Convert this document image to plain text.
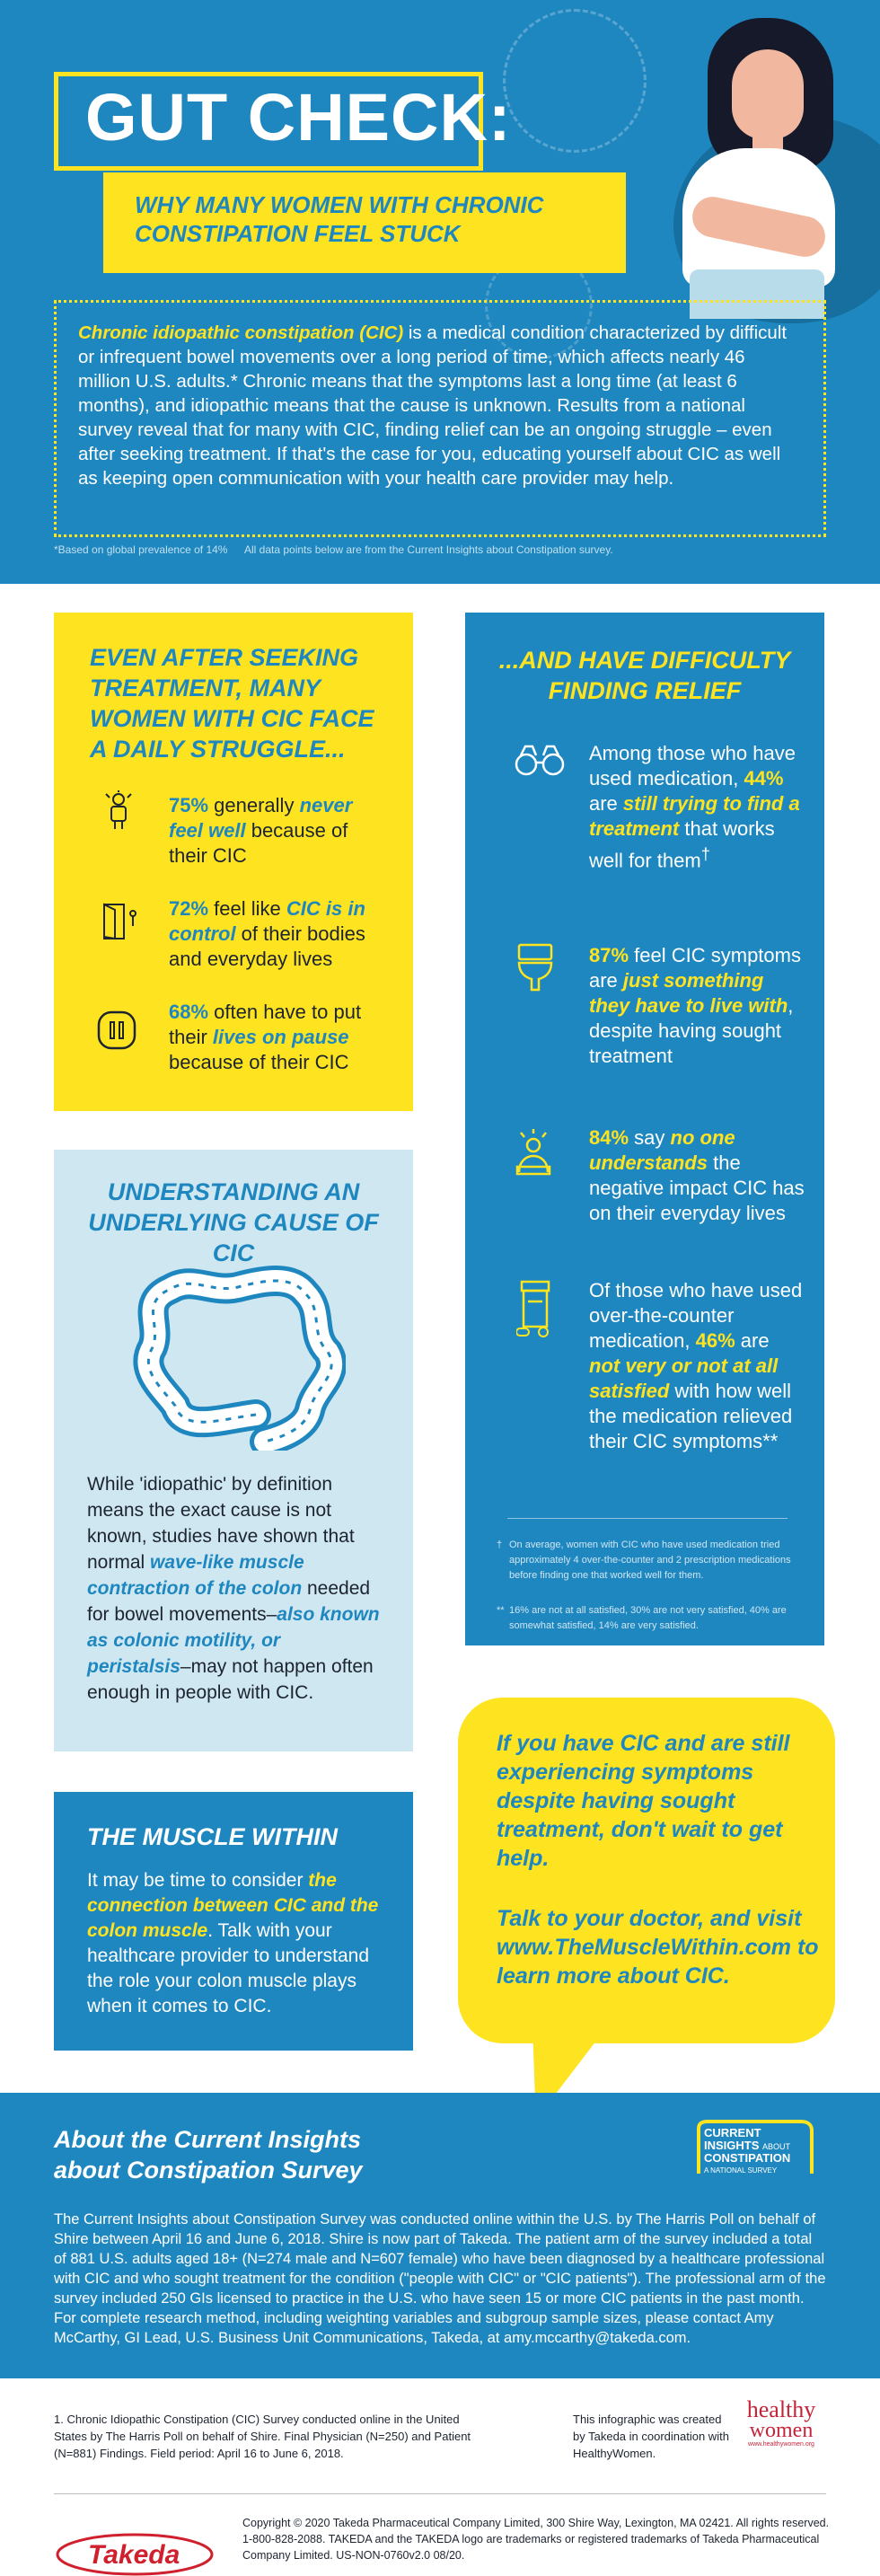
GUT CHECK:
WHY MANY WOMEN WITH CHRONIC CONSTIPATION FEEL STUCK

Chronic idiopathic constipation (CIC) is a medical condition characterized by difficult or infrequent bowel movements over a long period of time, which affects nearly 46 million U.S. adults.* Chronic means that the symptoms last a long time (at least 6 months), and idiopathic means that the cause is unknown. Results from a national survey reveal that for many with CIC, finding relief can be an ongoing struggle – even after seeking treatment. If that's the case for you, educating yourself about CIC as well as keeping open communication with your health care provider may help.

*Based on global prevalence of 14% All data points below are from the Current Insights about Constipation survey.
EVEN AFTER SEEKING TREATMENT, MANY WOMEN WITH CIC FACE A DAILY STRUGGLE...
75% generally never feel well because of their CIC
72% feel like CIC is in control of their bodies and everyday lives
68% often have to put their lives on pause because of their CIC
...AND HAVE DIFFICULTY FINDING RELIEF
Among those who have used medication, 44% are still trying to find a treatment that works well for them†
87% feel CIC symptoms are just something they have to live with, despite having sought treatment
84% say no one understands the negative impact CIC has on their everyday lives
Of those who have used over-the-counter medication, 46% are not very or not at all satisfied with how well the medication relieved their CIC symptoms**
† On average, women with CIC who have used medication tried approximately 4 over-the-counter and 2 prescription medications before finding one that worked well for them.
** 16% are not at all satisfied, 30% are not very satisfied, 40% are somewhat satisfied, 14% are very satisfied.
UNDERSTANDING AN UNDERLYING CAUSE OF CIC
While 'idiopathic' by definition means the exact cause is not known, studies have shown that normal wave-like muscle contraction of the colon needed for bowel movements–also known as colonic motility, or peristalsis–may not happen often enough in people with CIC.
If you have CIC and are still experiencing symptoms despite having sought treatment, don't wait to get help.
Talk to your doctor, and visit www.TheMuscleWithin.com to learn more about CIC.
THE MUSCLE WITHIN
It may be time to consider the connection between CIC and the colon muscle. Talk with your healthcare provider to understand the role your colon muscle plays when it comes to CIC.
About the Current Insights about Constipation Survey
CURRENT
INSIGHTS ABOUT
CONSTIPATION
A NATIONAL SURVEY
The Current Insights about Constipation Survey was conducted online within the U.S. by The Harris Poll on behalf of Shire between April 16 and June 6, 2018. Shire is now part of Takeda. The patient arm of the survey included a total of 881 U.S. adults aged 18+ (N=274 male and N=607 female) who have been diagnosed by a healthcare professional with CIC and who sought treatment for the condition ("people with CIC" or "CIC patients"). The professional arm of the survey included 250 GIs licensed to practice in the U.S. who have seen 15 or more CIC patients in the past month. For complete research method, including weighting variables and subgroup sample sizes, please contact Amy McCarthy, GI Lead, U.S. Business Unit Communications, Takeda, at amy.mccarthy@takeda.com.
1. Chronic Idiopathic Constipation (CIC) Survey conducted online in the United States by The Harris Poll on behalf of Shire. Final Physician (N=250) and Patient (N=881) Findings. Field period: April 16 to June 6, 2018.
This infographic was created by Takeda in coordination with HealthyWomen.
healthy
women
www.healthywomen.org
Copyright © 2020 Takeda Pharmaceutical Company Limited, 300 Shire Way, Lexington, MA 02421. All rights reserved. 1-800-828-2088. TAKEDA and the TAKEDA logo are trademarks or registered trademarks of Takeda Pharmaceutical Company Limited. US-NON-0760v2.0 08/20.
Takeda
